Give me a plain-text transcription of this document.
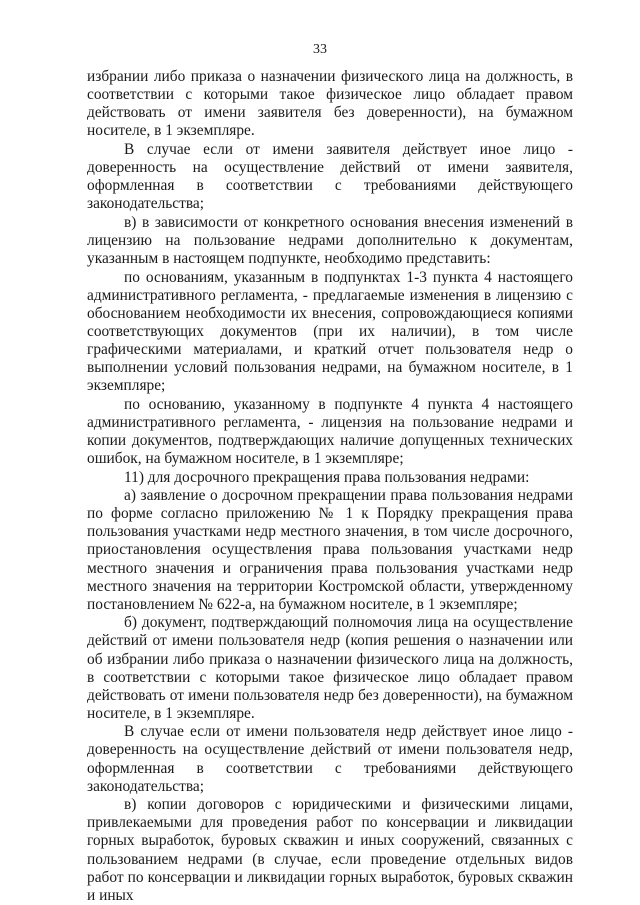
33

избрании либо приказа о назначении физического лица на должность, в соответствии с которыми такое физическое лицо обладает правом действовать от имени заявителя без доверенности), на бумажном носителе, в 1 экземпляре.

В случае если от имени заявителя действует иное лицо - доверенность на осуществление действий от имени заявителя, оформленная в соответствии с требованиями действующего законодательства;

в) в зависимости от конкретного основания внесения изменений в лицензию на пользование недрами дополнительно к документам, указанным в настоящем подпункте, необходимо представить:

по основаниям, указанным в подпунктах 1-3 пункта 4 настоящего административного регламента, - предлагаемые изменения в лицензию с обоснованием необходимости их внесения, сопровождающиеся копиями соответствующих документов (при их наличии), в том числе графическими материалами, и краткий отчет пользователя недр о выполнении условий пользования недрами, на бумажном носителе, в 1 экземпляре;

по основанию, указанному в подпункте 4 пункта 4 настоящего административного регламента, - лицензия на пользование недрами и копии документов, подтверждающих наличие допущенных технических ошибок, на бумажном носителе, в 1 экземпляре;

11) для досрочного прекращения права пользования недрами:

а) заявление о досрочном прекращении права пользования недрами по форме согласно приложению № 1 к Порядку прекращения права пользования участками недр местного значения, в том числе досрочного, приостановления осуществления права пользования участками недр местного значения и ограничения права пользования участками недр местного значения на территории Костромской области, утвержденному постановлением № 622-а, на бумажном носителе, в 1 экземпляре;

б) документ, подтверждающий полномочия лица на осуществление действий от имени пользователя недр (копия решения о назначении или об избрании либо приказа о назначении физического лица на должность, в соответствии с которыми такое физическое лицо обладает правом действовать от имени пользователя недр без доверенности), на бумажном носителе, в 1 экземпляре.

В случае если от имени пользователя недр действует иное лицо - доверенность на осуществление действий от имени пользователя недр, оформленная в соответствии с требованиями действующего законодательства;

в) копии договоров с юридическими и физическими лицами, привлекаемыми для проведения работ по консервации и ликвидации горных выработок, буровых скважин и иных сооружений, связанных с пользованием недрами (в случае, если проведение отдельных видов работ по консервации и ликвидации горных выработок, буровых скважин и иных
